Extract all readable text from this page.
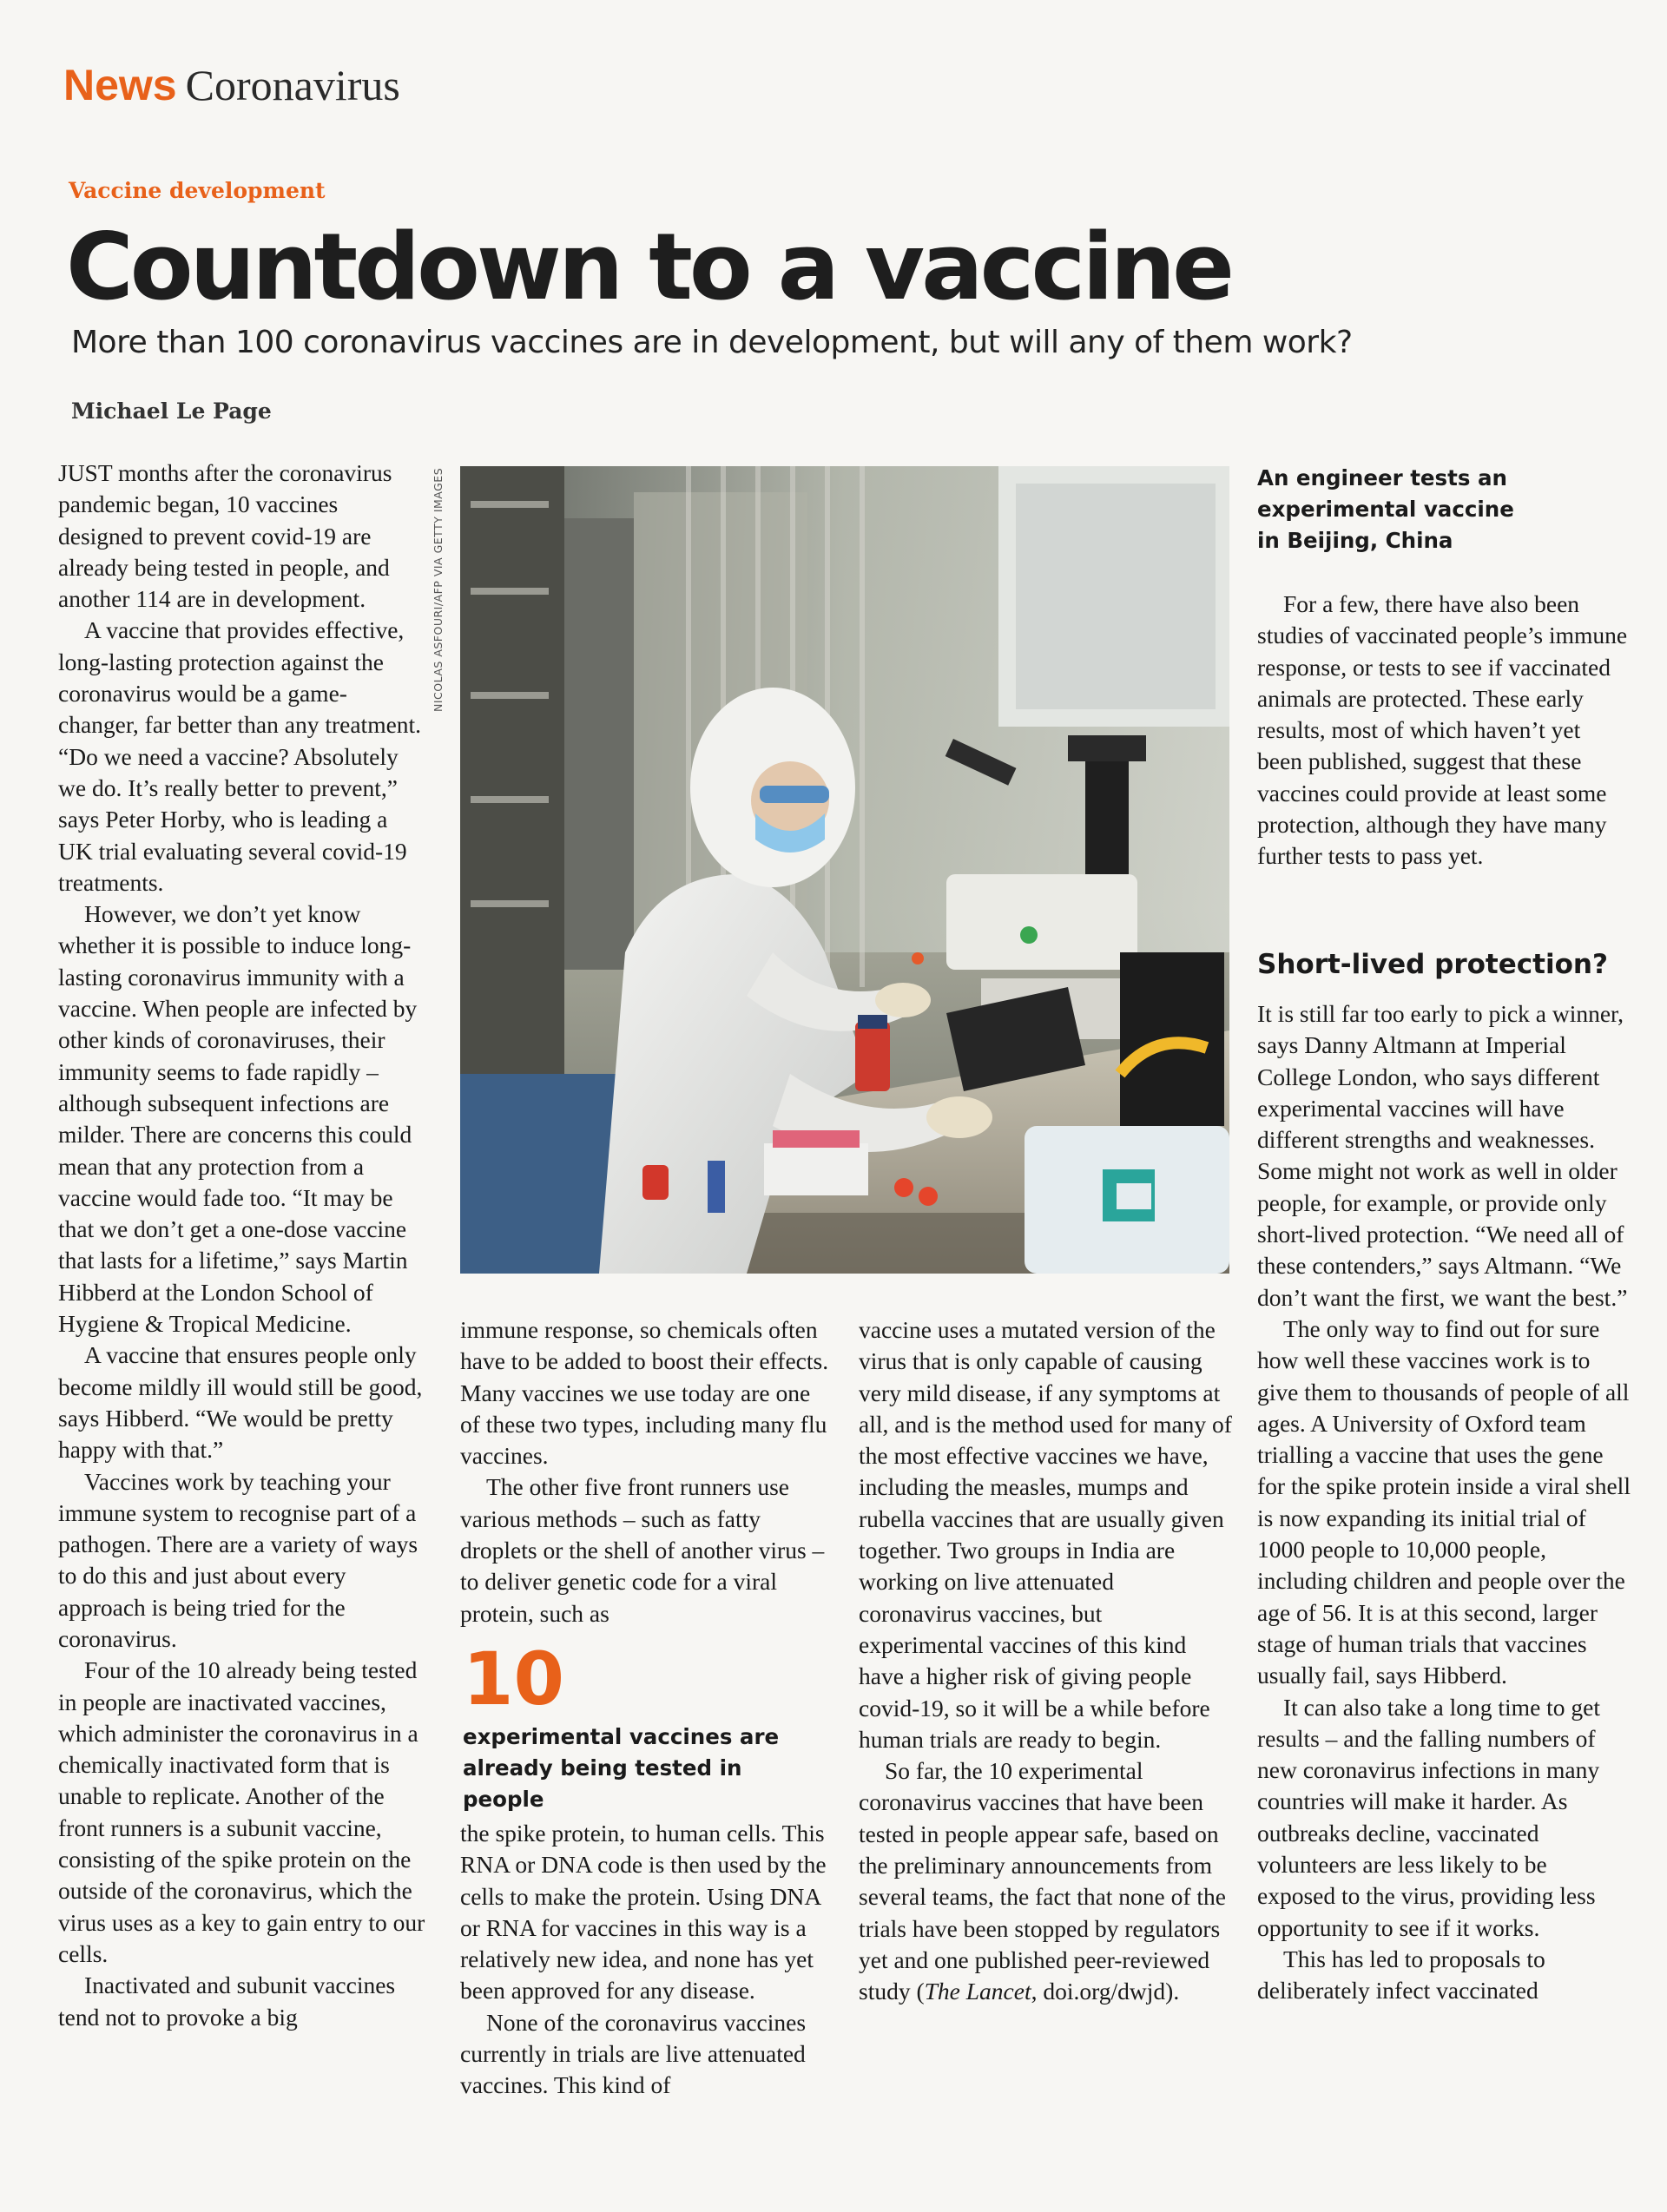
News Coronavirus
Vaccine development
Countdown to a vaccine
More than 100 coronavirus vaccines are in development, but will any of them work?
Michael Le Page

JUST months after the coronavirus pandemic began, 10 vaccines designed to prevent covid-19 are already being tested in people, and another 114 are in development.

A vaccine that provides effective, long-lasting protection against the coronavirus would be a game-changer, far better than any treatment. “Do we need a vaccine? Absolutely we do. It’s really better to prevent,” says Peter Horby, who is leading a UK trial evaluating several covid-19 treatments.

However, we don’t yet know whether it is possible to induce long-lasting coronavirus immunity with a vaccine. When people are infected by other kinds of coronaviruses, their immunity seems to fade rapidly – although subsequent infections are milder. There are concerns this could mean that any protection from a vaccine would fade too. “It may be that we don’t get a one-dose vaccine that lasts for a lifetime,” says Martin Hibberd at the London School of Hygiene & Tropical Medicine.

A vaccine that ensures people only become mildly ill would still be good, says Hibberd. “We would be pretty happy with that.”

Vaccines work by teaching your immune system to recognise part of a pathogen. There are a variety of ways to do this and just about every approach is being tried for the coronavirus.

Four of the 10 already being tested in people are inactivated vaccines, which administer the coronavirus in a chemically inactivated form that is unable to replicate. Another of the front runners is a subunit vaccine, consisting of the spike protein on the outside of the coronavirus, which the virus uses as a key to gain entry to our cells.

Inactivated and subunit vaccines tend not to provoke a big

NICOLAS ASFOURI/AFP VIA GETTY IMAGES

immune response, so chemicals often have to be added to boost their effects. Many vaccines we use today are one of these two types, including many flu vaccines.

The other five front runners use various methods – such as fatty droplets or the shell of another virus – to deliver genetic code for a viral protein, such as

10
experimental vaccines are already being tested in people

the spike protein, to human cells. This RNA or DNA code is then used by the cells to make the protein. Using DNA or RNA for vaccines in this way is a relatively new idea, and none has yet been approved for any disease.

None of the coronavirus vaccines currently in trials are live attenuated vaccines. This kind of

vaccine uses a mutated version of the virus that is only capable of causing very mild disease, if any symptoms at all, and is the method used for many of the most effective vaccines we have, including the measles, mumps and rubella vaccines that are usually given together. Two groups in India are working on live attenuated coronavirus vaccines, but experimental vaccines of this kind have a higher risk of giving people covid-19, so it will be a while before human trials are ready to begin.

So far, the 10 experimental coronavirus vaccines that have been tested in people appear safe, based on the preliminary announcements from several teams, the fact that none of the trials have been stopped by regulators yet and one published peer-reviewed study (The Lancet, doi.org/dwjd).

An engineer tests an experimental vaccine in Beijing, China

For a few, there have also been studies of vaccinated people’s immune response, or tests to see if vaccinated animals are protected. These early results, most of which haven’t yet been published, suggest that these vaccines could provide at least some protection, although they have many further tests to pass yet.

Short-lived protection?

It is still far too early to pick a winner, says Danny Altmann at Imperial College London, who says different experimental vaccines will have different strengths and weaknesses. Some might not work as well in older people, for example, or provide only short-lived protection. “We need all of these contenders,” says Altmann. “We don’t want the first, we want the best.”

The only way to find out for sure how well these vaccines work is to give them to thousands of people of all ages. A University of Oxford team trialling a vaccine that uses the gene for the spike protein inside a viral shell is now expanding its initial trial of 1000 people to 10,000 people, including children and people over the age of 56. It is at this second, larger stage of human trials that vaccines usually fail, says Hibberd.

It can also take a long time to get results – and the falling numbers of new coronavirus infections in many countries will make it harder. As outbreaks decline, vaccinated volunteers are less likely to be exposed to the virus, providing less opportunity to see if it works.

This has led to proposals to deliberately infect vaccinated
